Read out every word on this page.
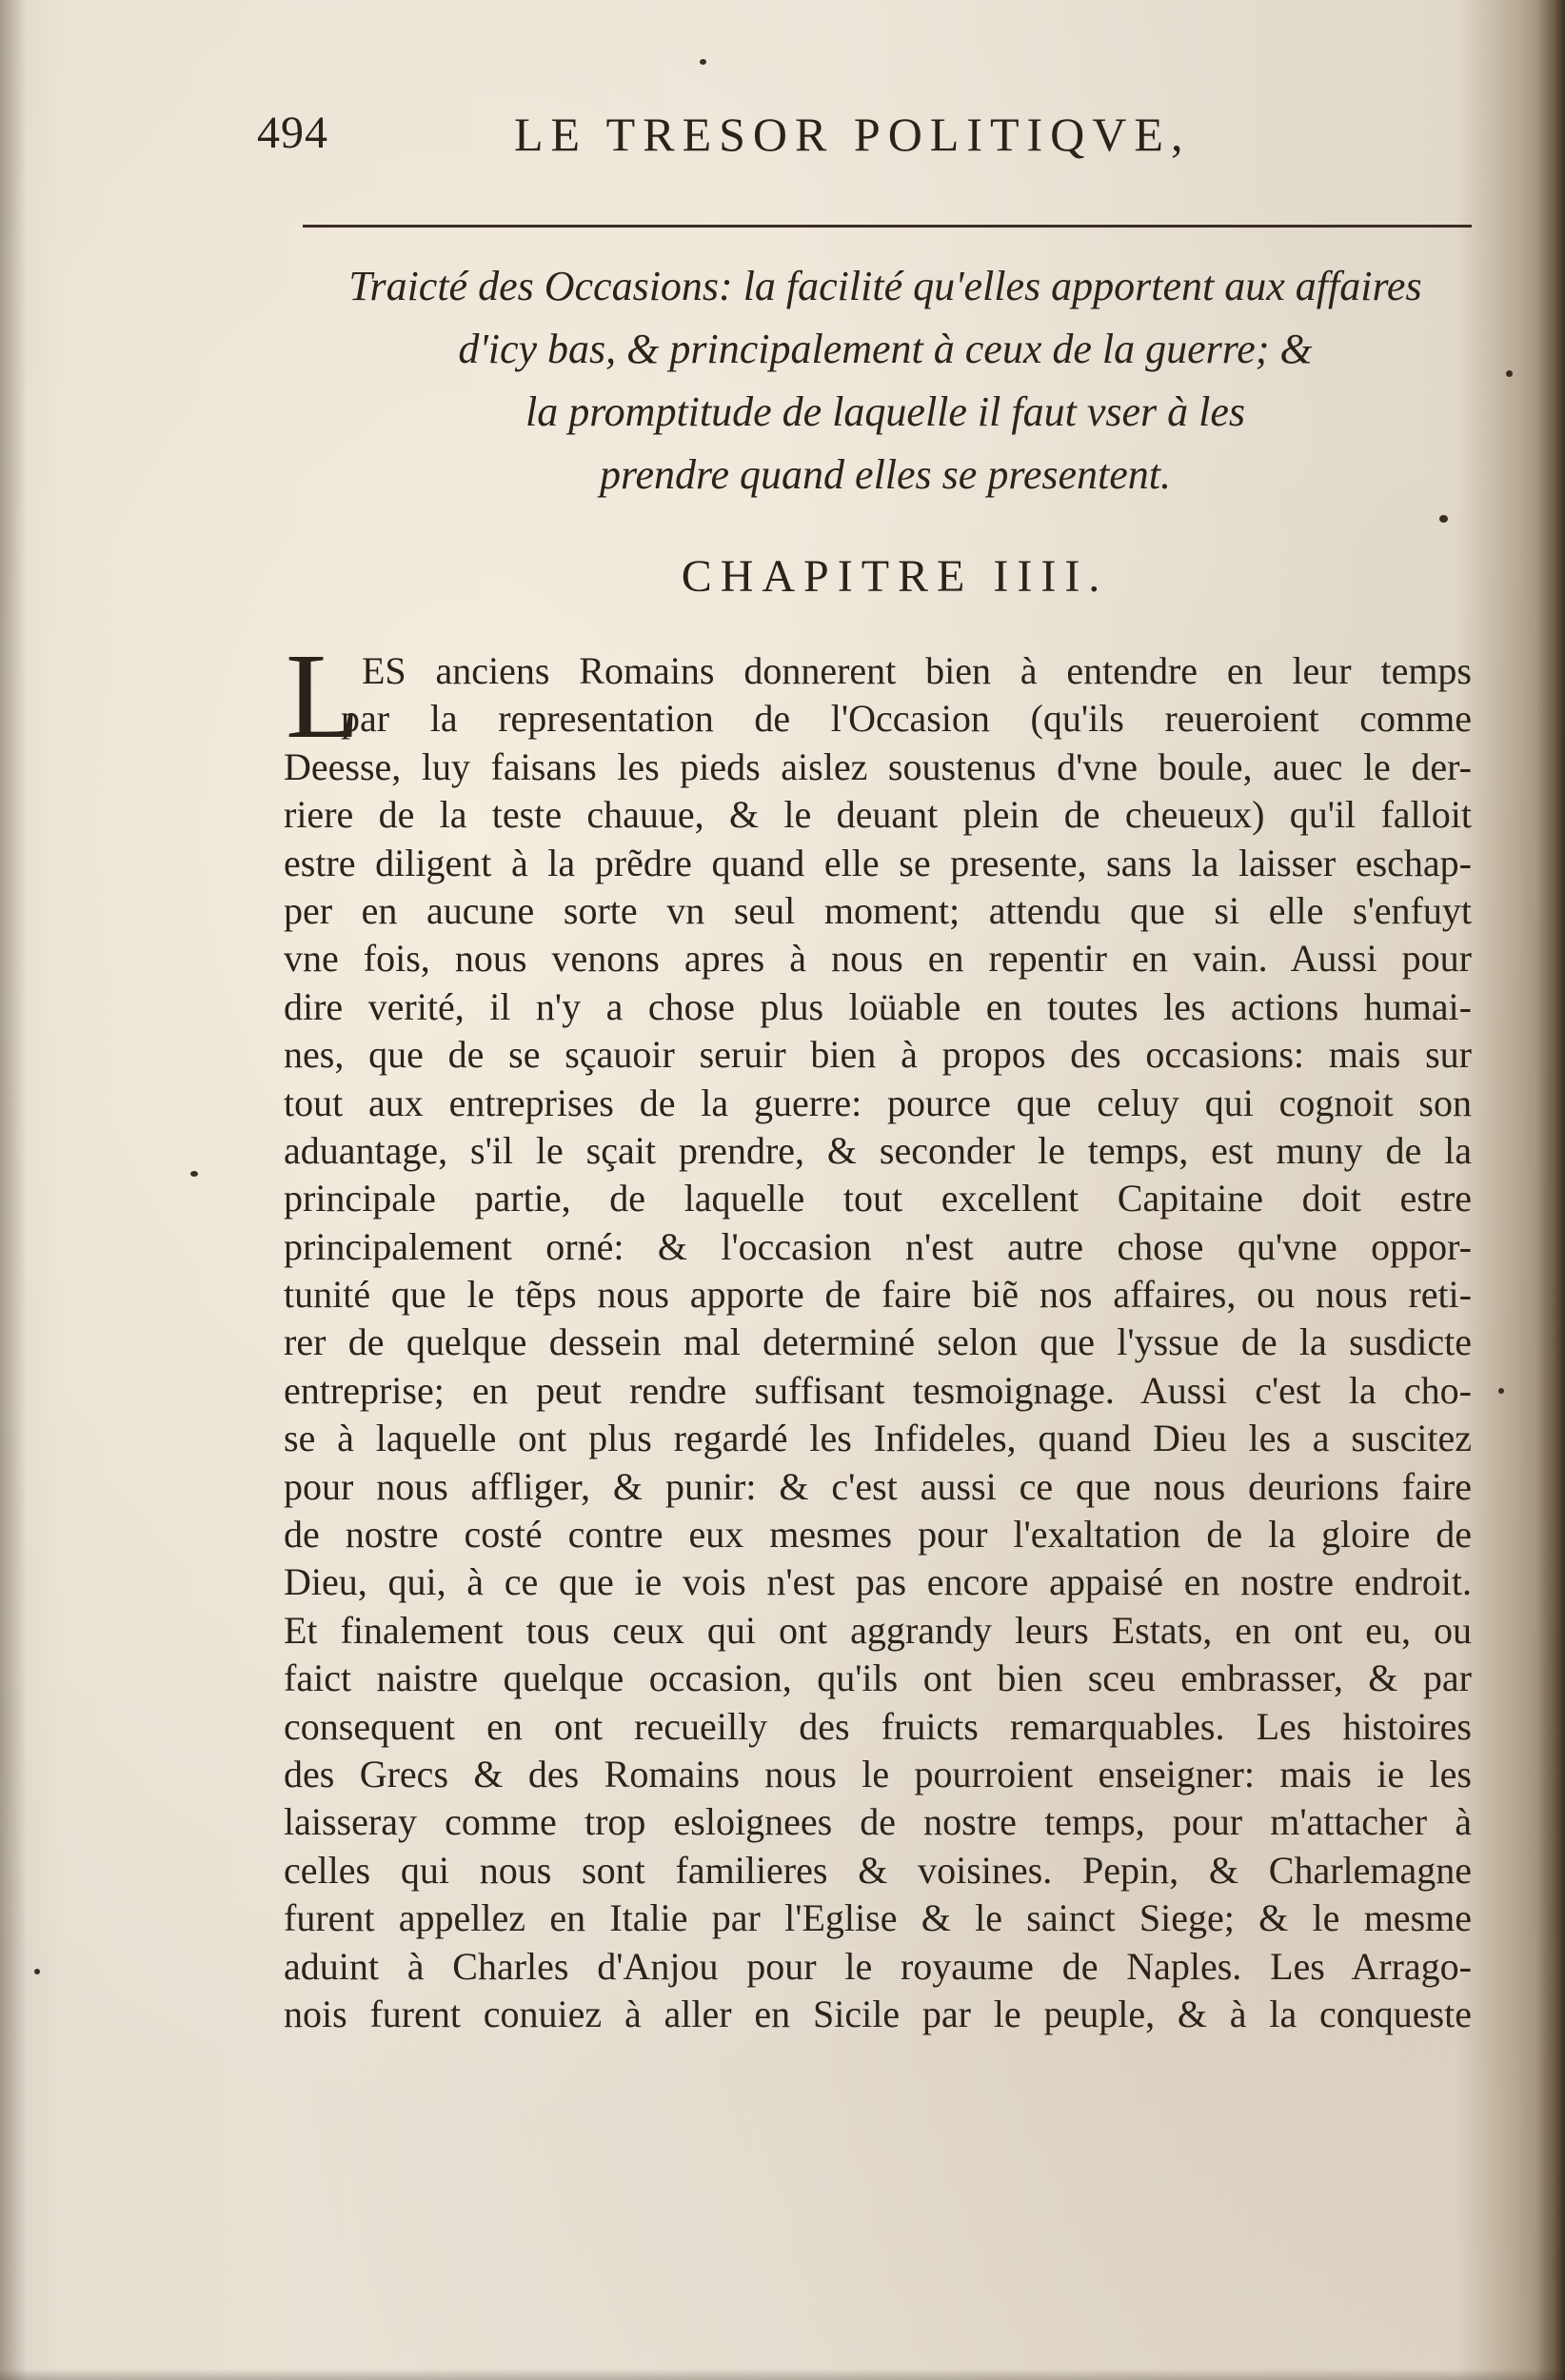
494	LE TRESOR POLITIQVE,
Traicté des Occasions: la facilité qu'elles apportent aux affaires
d'icy bas, & principalement à ceux de la guerre; &
la promptitude de laquelle il faut vser à les
prendre quand elles se presentent.
CHAPITRE IIII.
L ES anciens Romains donnerent bien à entendre en leur temps
par la representation de l'Occasion (qu'ils reueroient comme
Deesse, luy faisans les pieds aislez soustenus d'vne boule, auec le der-
riere de la teste chauue, & le deuant plein de cheueux) qu'il falloit
estre diligent à la prẽdre quand elle se presente, sans la laisser eschap-
per en aucune sorte vn seul moment; attendu que si elle s'enfuyt
vne fois, nous venons apres à nous en repentir en vain. Aussi pour
dire verité, il n'y a chose plus loüable en toutes les actions humai-
nes, que de se sçauoir seruir bien à propos des occasions: mais sur
tout aux entreprises de la guerre: pource que celuy qui cognoit son
aduantage, s'il le sçait prendre, & seconder le temps, est muny de la
principale partie, de laquelle tout excellent Capitaine doit estre
principalement orné: & l'occasion n'est autre chose qu'vne oppor-
tunité que le tẽps nous apporte de faire biẽ nos affaires, ou nous reti-
rer de quelque dessein mal determiné selon que l'yssue de la susdicte
entreprise; en peut rendre suffisant tesmoignage. Aussi c'est la cho-
se à laquelle ont plus regardé les Infideles, quand Dieu les a suscitez
pour nous affliger, & punir: & c'est aussi ce que nous deurions faire
de nostre costé contre eux mesmes pour l'exaltation de la gloire de
Dieu, qui, à ce que ie vois n'est pas encore appaisé en nostre endroit.
Et finalement tous ceux qui ont aggrandy leurs Estats, en ont eu, ou
faict naistre quelque occasion, qu'ils ont bien sceu embrasser, & par
consequent en ont recueilly des fruicts remarquables. Les histoires
des Grecs & des Romains nous le pourroient enseigner: mais ie les
laisseray comme trop esloignees de nostre temps, pour m'attacher à
celles qui nous sont familieres & voisines. Pepin, & Charlemagne
furent appellez en Italie par l'Eglise & le sainct Siege; & le mesme
aduint à Charles d'Anjou pour le royaume de Naples. Les Arrago-
nois furent conuiez à aller en Sicile par le peuple, & à la conqueste
